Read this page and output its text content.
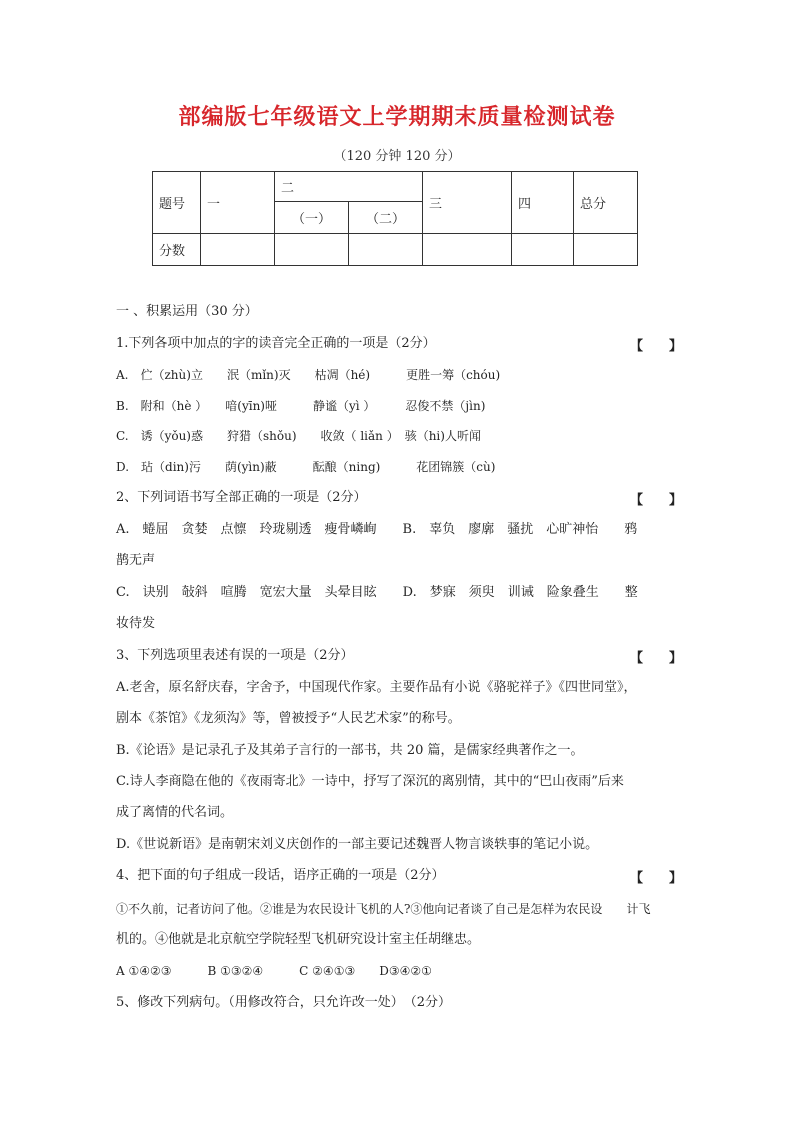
部编版七年级语文上学期期末质量检测试卷
（120 分钟 120 分）
题号	一	二		三	四	总分
		（一）	（二）			
分数						
一 、积累运用（30 分）
1.下列各项中加点的字的读音完全正确的一项是（2分）	【　　】
A.　伫（zhù)立　　泯（mǐn)灭　　枯凋（hé)　　　更胜一筹（chóu)
B.　附和（hè ）　　喑(yīn)哑　　　静谧（yì ）　　　忍俊不禁（jìn)
C.　诱（yǒu)惑　　狩猎（shǒu)　　收敛（ liǎn ）　骇（hi)人听闻
D.　玷（din)污　　荫(yìn)蔽　　　酝酿（ning)　　　花团锦簇（cù)
2、下列词语书写全部正确的一项是（2分）	【　　】
A.　蜷屈　贪婪　点懔　玲珑剔透　瘦骨嶙峋　　B.　辜负　廖廓　骚扰　心旷神怡　　鸦
鹊无声
C.　诀别　敧斜　喧腾　宽宏大量　头晕目眩　　D.　梦寐　须臾　训诫　险象叠生　　整
妆待发
3、下列选项里表述有误的一项是（2分）	【　　】
A.老舍，原名舒庆春，字舍予，中国现代作家。主要作品有小说《骆驼祥子》《四世同堂》，
剧本《茶馆》《龙须沟》等，曾被授予“人民艺术家”的称号。
B.《论语》是记录孔子及其弟子言行的一部书，共 20 篇，是儒家经典著作之一。
C.诗人李商隐在他的《夜雨寄北》一诗中，抒写了深沉的离别情，其中的“巴山夜雨”后来
成了离情的代名词。
D.《世说新语》是南朝宋刘义庆创作的一部主要记述魏晋人物言谈轶事的笔记小说。
4、把下面的句子组成一段话，语序正确的一项是（2分）	【　　】
①不久前，记者访问了他。②谁是为农民设计飞机的人?③他向记者谈了自己是怎样为农民设　　计飞
机的。④他就是北京航空学院轻型飞机研究设计室主任胡继忠。
A ①④②③　　　B ①③②④　　　C ②④①③　　D③④②①
5、修改下列病句。（用修改符合，只允许改一处）　（2分）
